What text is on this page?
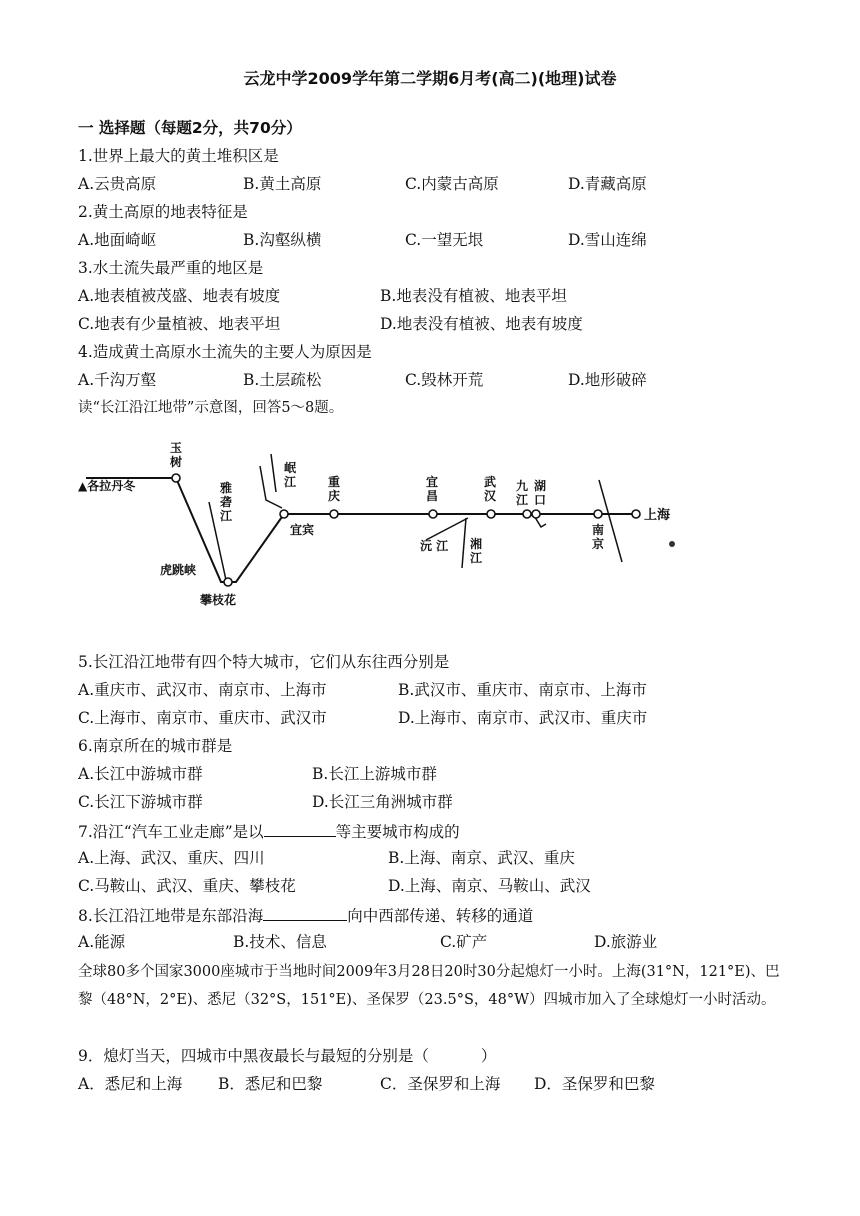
云龙中学2009学年第二学期6月考(高二)(地理)试卷
一 选择题（每题2分，共70分）
1.世界上最大的黄土堆积区是
A.云贵高原	B.黄土高原	C.内蒙古高原	D.青藏高原
2.黄土高原的地表特征是
A.地面崎岖	B.沟壑纵横	C.一望无垠	D.雪山连绵
3.水土流失最严重的地区是
A.地表植被茂盛、地表有坡度	B.地表没有植被、地表平坦
C.地表有少量植被、地表平坦	D.地表没有植被、地表有坡度
4.造成黄土高原水土流失的主要人为原因是
A.千沟万壑	B.土层疏松	C.毁林开荒	D.地形破碎
读“长江沿江地带”示意图，回答5～8题。
▲各拉丹冬
玉树
雅砻江
岷江	重庆
宜昌
武汉
九江
湖口
宜宾
沅 江 湘江
南京
上海
虎跳峡
攀枝花
5.长江沿江地带有四个特大城市，它们从东往西分别是
A.重庆市、武汉市、南京市、上海市	B.武汉市、重庆市、南京市、上海市
C.上海市、南京市、重庆市、武汉市	D.上海市、南京市、武汉市、重庆市
6.南京所在的城市群是
A.长江中游城市群	B.长江上游城市群
C.长江下游城市群	D.长江三角洲城市群
7.沿江“汽车工业走廊”是以	等主要城市构成的
A.上海、武汉、重庆、四川	B.上海、南京、武汉、重庆
C.马鞍山、武汉、重庆、攀枝花	D.上海、南京、马鞍山、武汉
8.长江沿江地带是东部沿海	向中西部传递、转移的通道
A.能源	B.技术、信息	C.矿产	D.旅游业
全球80多个国家3000座城市于当地时间2009年3月28日20时30分起熄灯一小时。上海(31°N，121°E)、巴黎（48°N，2°E)、悉尼（32°S，151°E)、圣保罗（23.5°S，48°W）四城市加入了全球熄灯一小时活动。
9．熄灯当天，四城市中黑夜最长与最短的分别是（	）
A．悉尼和上海 B．悉尼和巴黎	C．圣保罗和上海 D．圣保罗和巴黎
